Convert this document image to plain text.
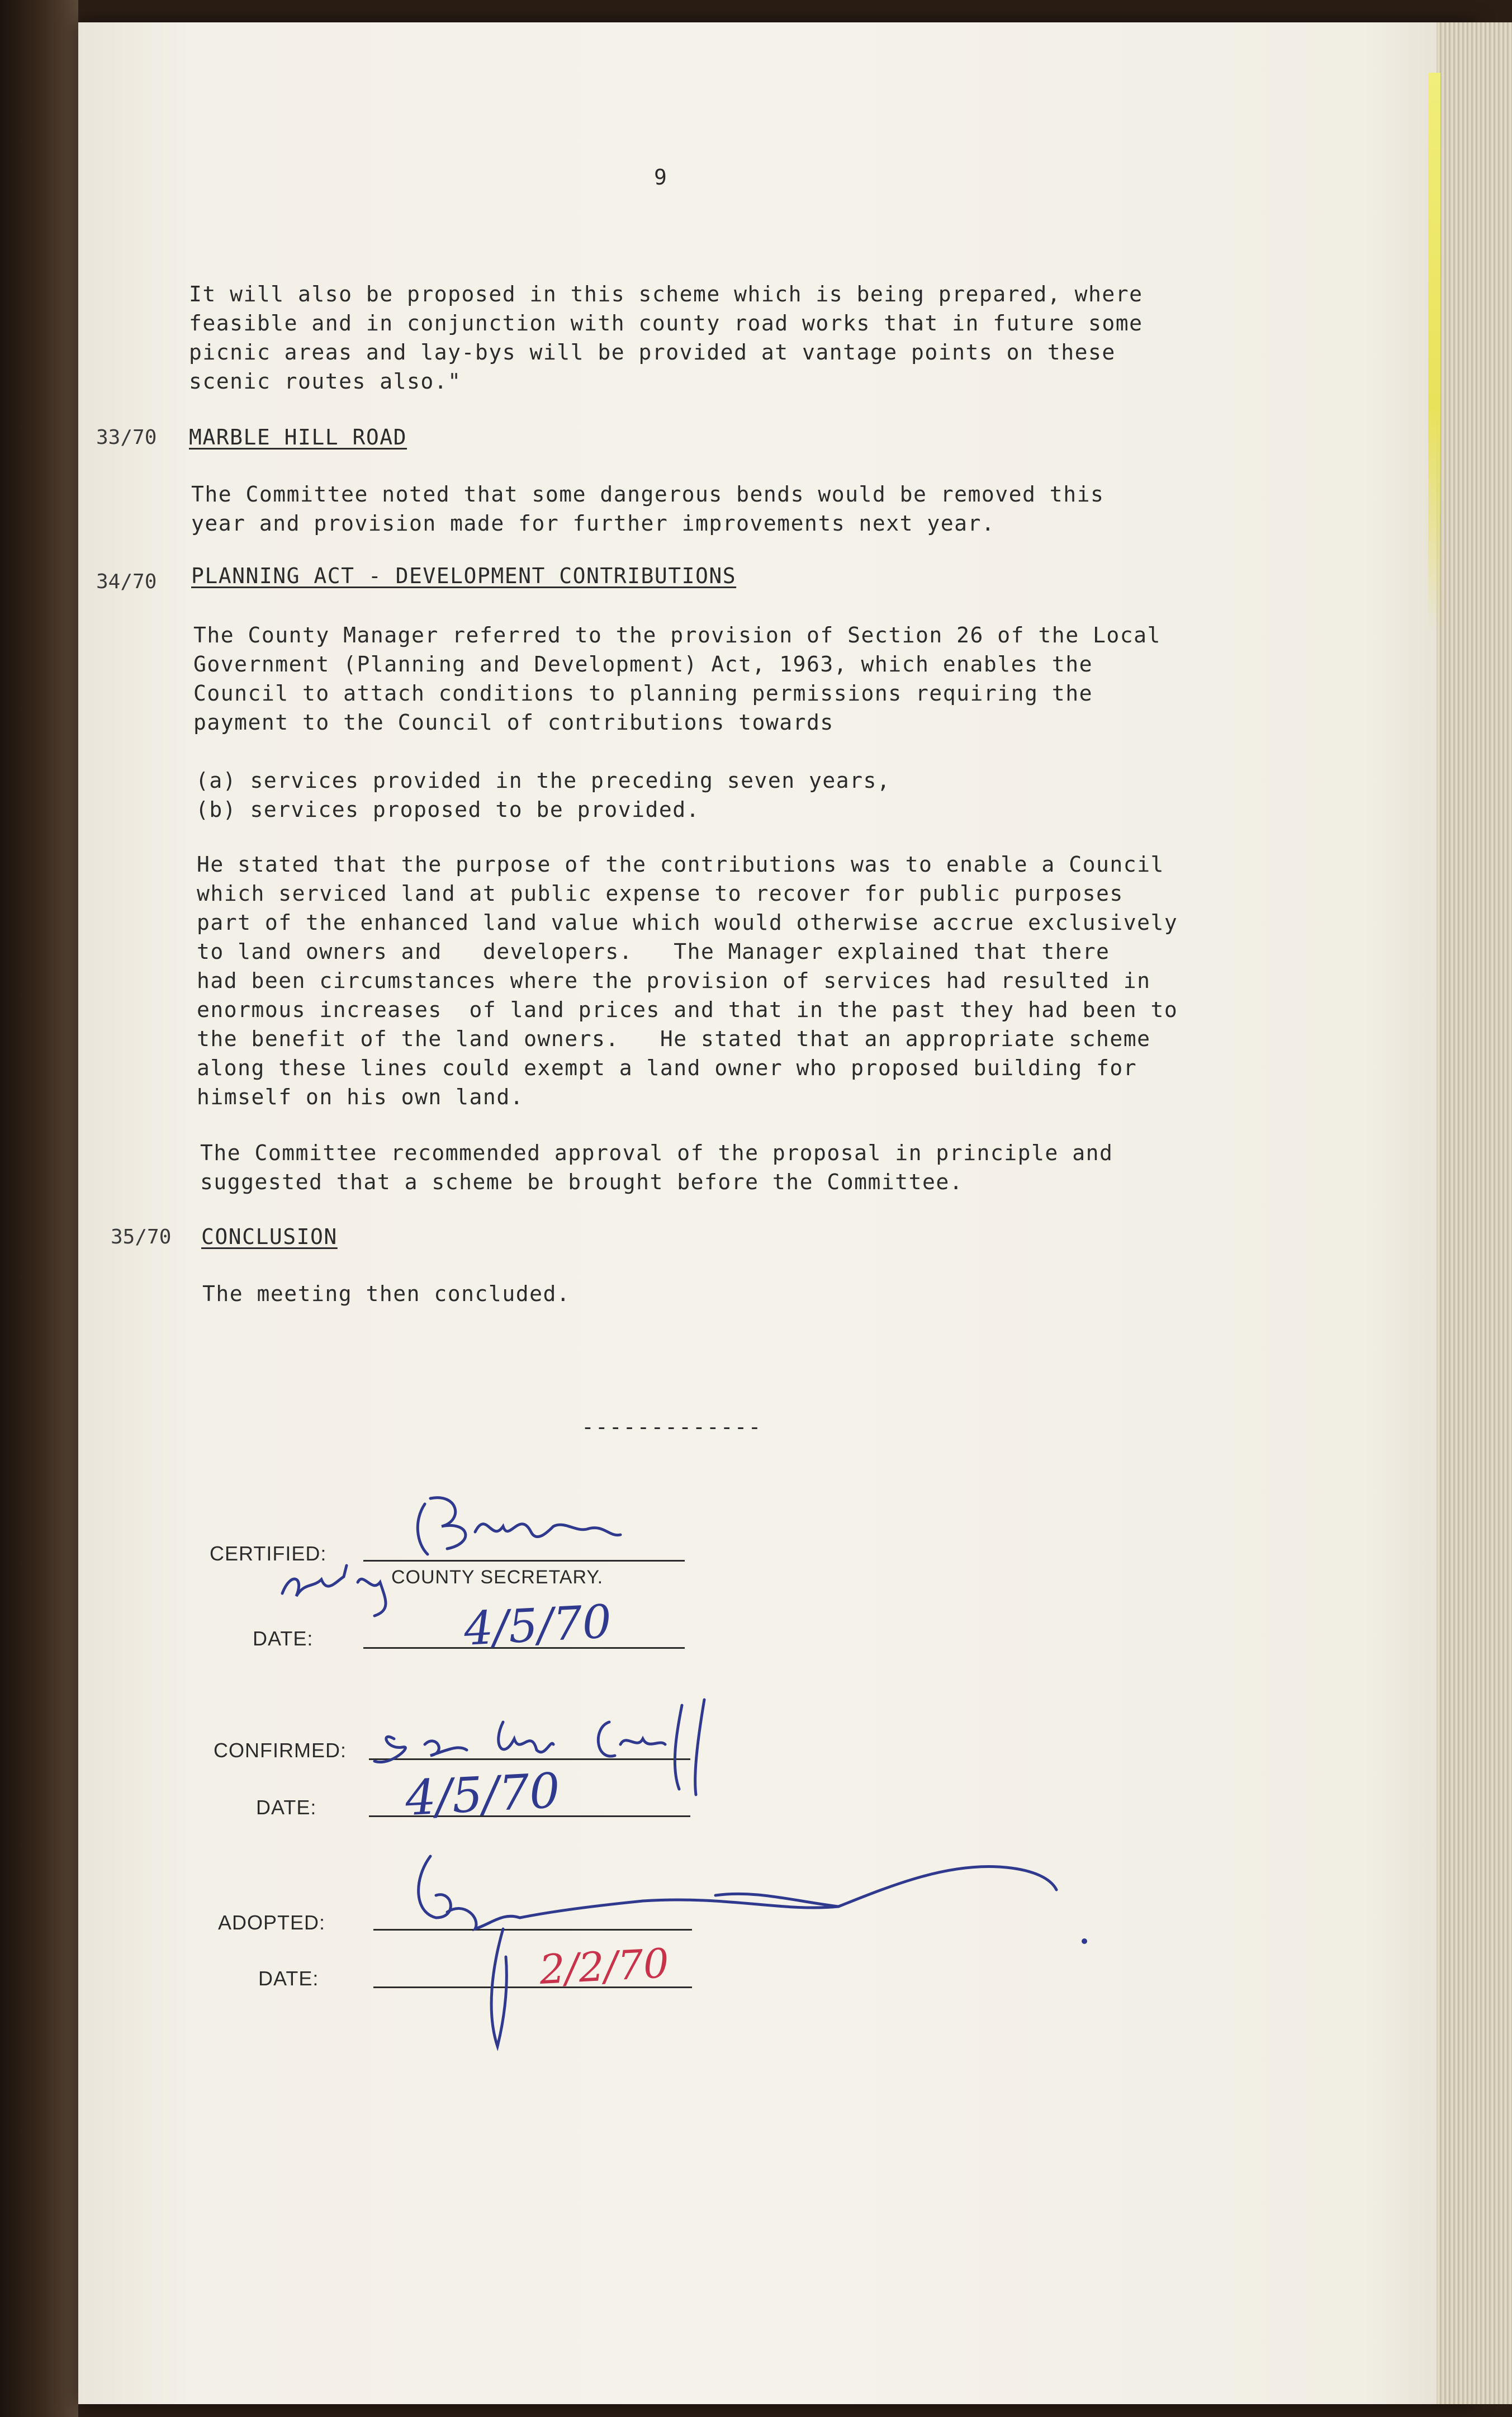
9
It will also be proposed in this scheme which is being prepared, where
feasible and in conjunction with county road works that in future some
picnic areas and lay-bys will be provided at vantage points on these
scenic routes also."
33/70 MARBLE HILL ROAD
The Committee noted that some dangerous bends would be removed this
year and provision made for further improvements next year.
34/70 PLANNING ACT - DEVELOPMENT CONTRIBUTIONS
The County Manager referred to the provision of Section 26 of the Local
Government (Planning and Development) Act, 1963, which enables the
Council to attach conditions to planning permissions requiring the
payment to the Council of contributions towards
(a) services provided in the preceding seven years,
(b) services proposed to be provided.
He stated that the purpose of the contributions was to enable a Council
which serviced land at public expense to recover for public purposes
part of the enhanced land value which would otherwise accrue exclusively
to land owners and   developers.   The Manager explained that there
had been circumstances where the provision of services had resulted in
enormous increases  of land prices and that in the past they had been to
the benefit of the land owners.   He stated that an appropriate scheme
along these lines could exempt a land owner who proposed building for
himself on his own land.
The Committee recommended approval of the proposal in principle and
suggested that a scheme be brought before the Committee.
35/70 CONCLUSION
The meeting then concluded.
-------------
CERTIFIED:
COUNTY SECRETARY.
DATE:
CONFIRMED:
DATE:
ADOPTED:
DATE:
4/5/70
4/5/70
2/2/70
